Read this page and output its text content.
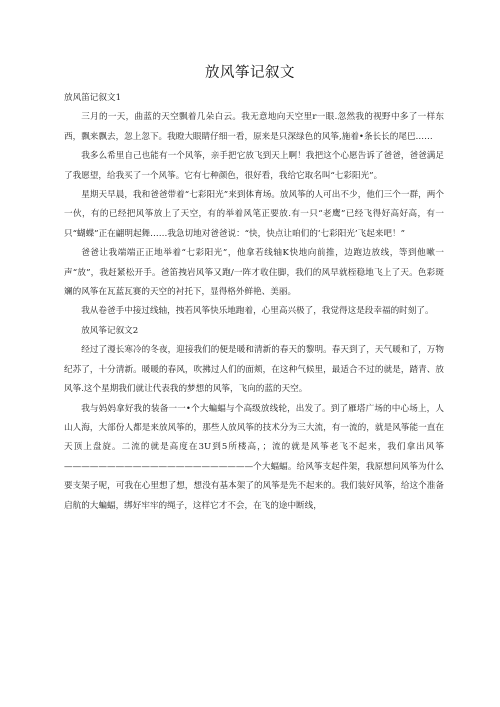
放风筝记叙文

放风笛记叙文1

三月的一天，曲蓝的天空飘着几朵白云。我无意地向天空里r一眼.忽然我的视野中多了一样东西，飘来飘去，忽上忽下。我瞪大眼睛仔细一看，原来是只深绿色的风筝,施着•条长长的尾巴……

我多么希里自己也能有一个风筝，亲手把它放飞到天上啊！我把这个心愿告诉了爸爸，爸爸满足了我愿望，给我买了一个风筝。它有七种颜色，很好看，我给它取名叫“七彩阳光”。

星期天早晨，我和爸爸带着“七彩阳光”来到体育场。放风筝的人可出不少，他们三个一群，两个一伙，有的已经把风筝放上了天空，有的举着风笔正要放.有一只“老鹰”已经飞得好高好高，有一只“蝴蝶”正在翩明起舞……我急切地对爸爸说：“快，快点让咱们的‘七彩阳光’飞起来吧！”

爸爸让我端端正正地举着“七彩阳光”，他拿若线轴K快地向前推，边跑边放线，等到他嗽一声“放”，我赶紧松开手。爸笛拽岩风筝又跑/一阵才收住脚，我们的风早就桎稳地飞上了天。色彩斑斓的风筝在瓦蓝瓦赛的天空的衬托下，显得格外鲜艳、美丽。

我从卷爸手中接过线轴，拽若风筝快乐地跑着，心里高兴极了，我觉得这是段幸福的时刻了。

放风筝记叙文2

经过了漫长寒冷的冬夜，迎接我们的便是暖和清新的春天的黎明。春天到了，天气暖和了，万物纪苏了，十分清新。暖暖的春风，吹拂过人们的面颊，在这种气候里，最适合不过的就是，踏青、放风筝.这个星期我们就让代表我的梦想的风筝，飞向的蓝的天空。

我与妈妈拿好我的装备一一•个大蝙蝠与个高级放线轮，出发了。到了雁塔广场的中心场上，人山人海，大部份人都是来放风筝的，那些人放风筝的技术分为三大流，有一流的，就是风筝能一直在天顶上盘旋。二流的就是高度在3U到5所楼高，；流的就是风筝老飞不起来，我们拿出风筝 ——————————————————————个大蝠蝠。给风筝支起件架，我原想问风筝为什么要支架子呢，可我在心里想了想，想没有基本架了的风筝是先不起来的。我们装好风筝，给这个准备启航的大蝙蝠，绑好牢牢的绳子，这样它才不会，在飞的途中断线，
